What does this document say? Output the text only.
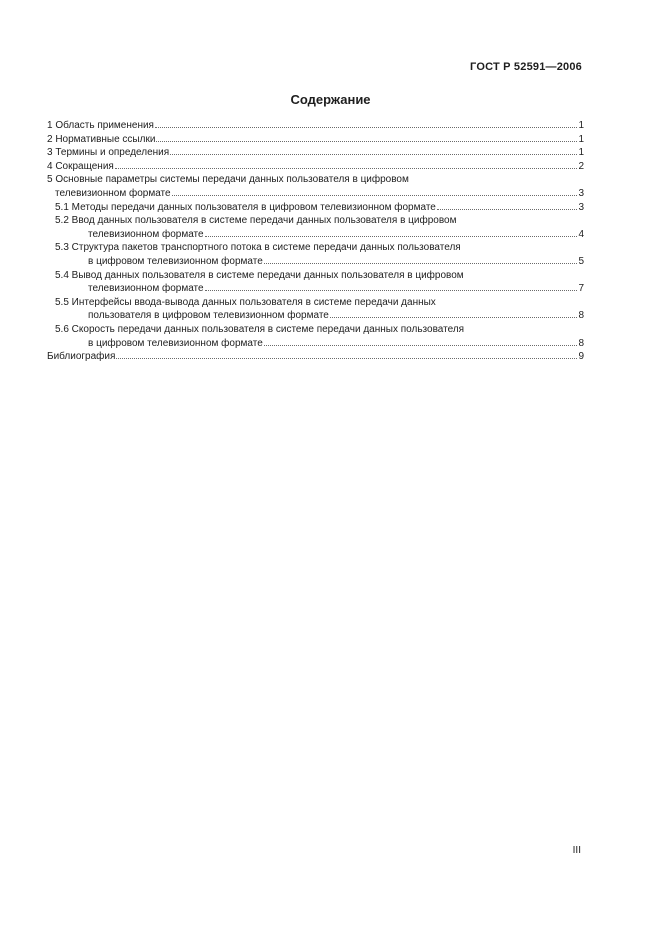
ГОСТ Р 52591—2006
Содержание
1 Область применения	1
2 Нормативные ссылки	1
3 Термины и определения	1
4 Сокращения	2
5 Основные параметры системы передачи данных пользователя в цифровом
телевизионном формате	3
5.1 Методы передачи данных пользователя в цифровом телевизионном формате	3
5.2 Ввод данных пользователя в системе передачи данных пользователя в цифровом
телевизионном формате	4
5.3 Структура пакетов транспортного потока в системе передачи данных пользователя
в цифровом телевизионном формате	5
5.4 Вывод данных пользователя в системе передачи данных пользователя в цифровом
телевизионном формате	7
5.5 Интерфейсы ввода-вывода данных пользователя в системе передачи данных
пользователя в цифровом телевизионном формате	8
5.6 Скорость передачи данных пользователя в системе передачи данных пользователя
в цифровом телевизионном формате	8
Библиография	9
III
